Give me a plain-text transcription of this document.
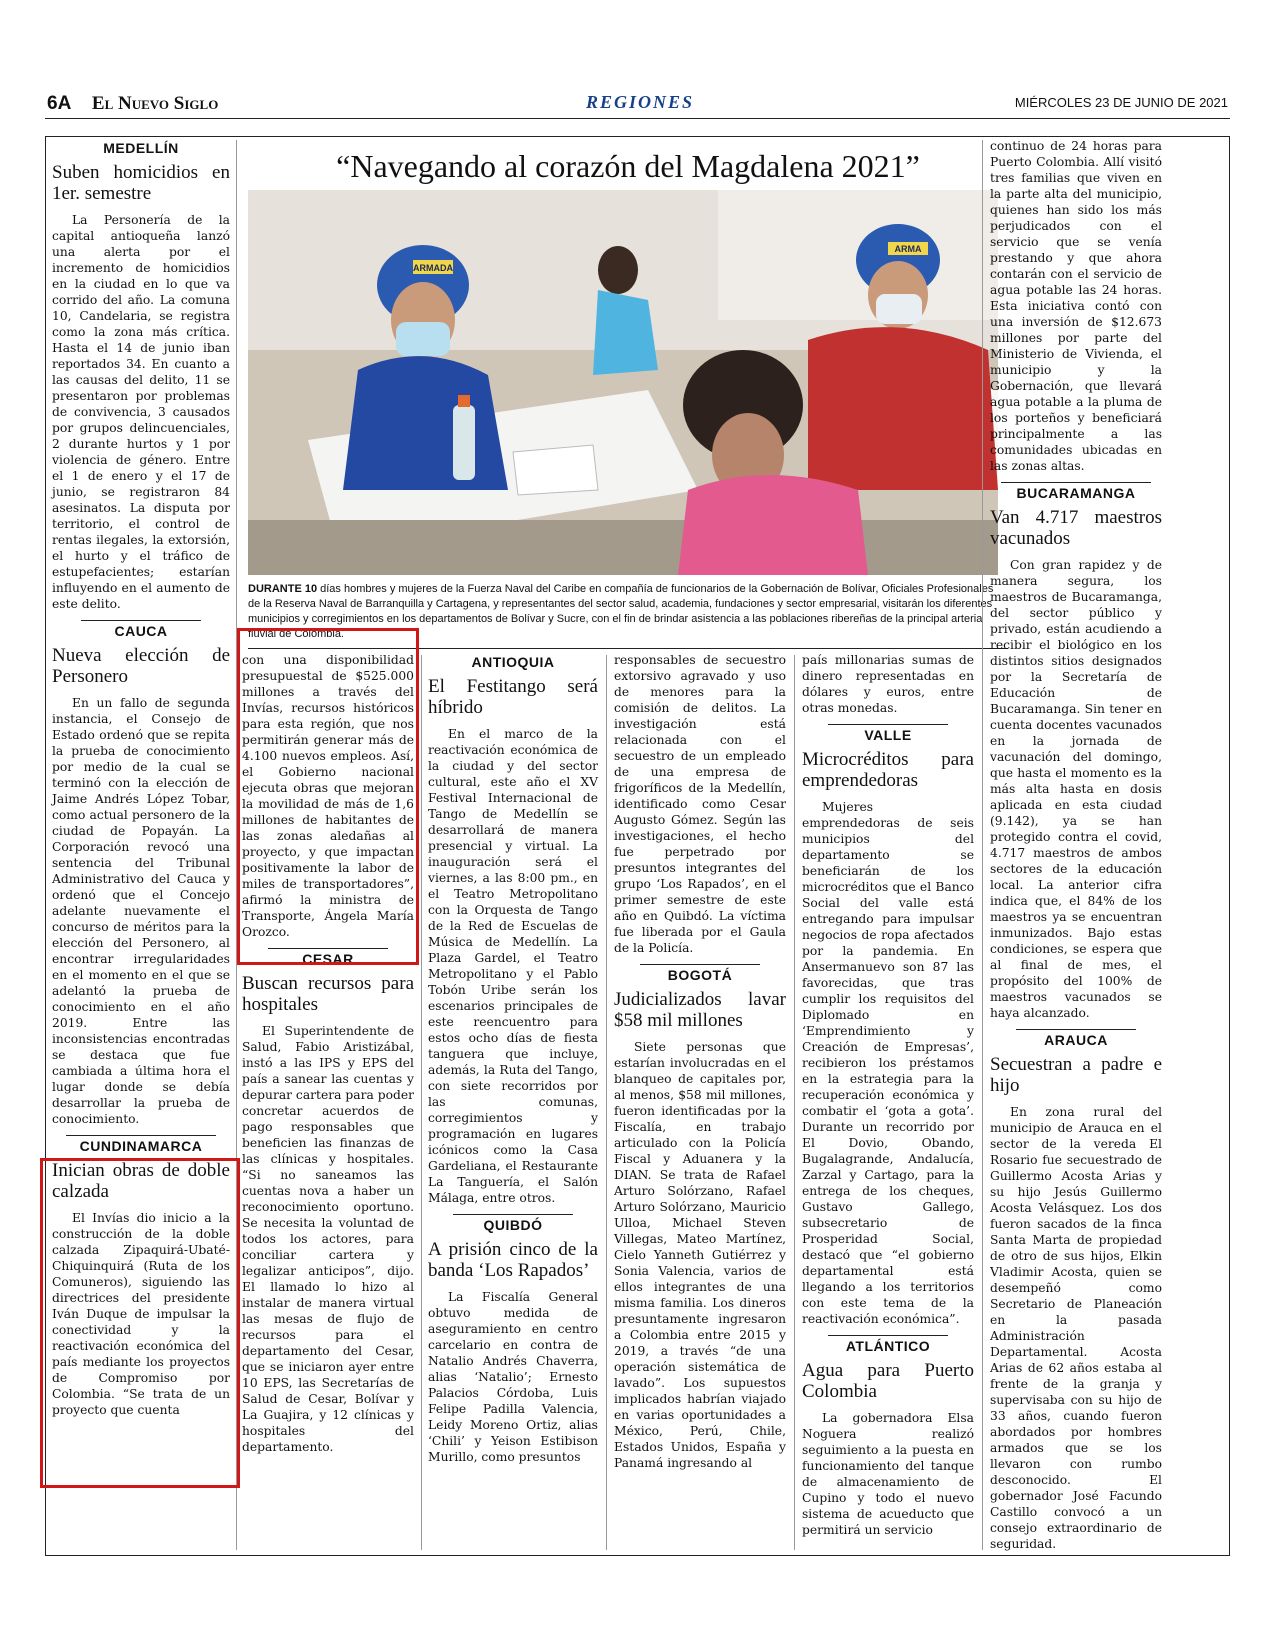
6A El Nuevo Siglo	REGIONES	MIÉRCOLES 23 DE JUNIO DE 2021
MEDELLÍN
Suben homicidios en 1er. semestre

La Personería de la capital antioqueña lanzó una alerta por el incremento de homicidios en la ciudad en lo que va corrido del año. La comuna 10, Candelaria, se registra como la zona más crítica. Hasta el 14 de junio iban reportados 34. En cuanto a las causas del delito, 11 se presentaron por problemas de convivencia, 3 causados por grupos delincuenciales, 2 durante hurtos y 1 por violencia de género. Entre el 1 de enero y el 17 de junio, se registraron 84 asesinatos. La disputa por territorio, el control de rentas ilegales, la extorsión, el hurto y el tráfico de estupefacientes; estarían influyendo en el aumento de este delito.

CAUCA
Nueva elección de Personero

En un fallo de segunda instancia, el Consejo de Estado ordenó que se repita la prueba de conocimiento por medio de la cual se terminó con la elección de Jaime Andrés López Tobar, como actual personero de la ciudad de Popayán. La Corporación revocó una sentencia del Tribunal Administrativo del Cauca y ordenó que el Concejo adelante nuevamente el concurso de méritos para la elección del Personero, al encontrar irregularidades en el momento en el que se adelantó la prueba de conocimiento en el año 2019. Entre las inconsistencias encontradas se destaca que fue cambiada a última hora el lugar donde se debía desarrollar la prueba de conocimiento.

CUNDINAMARCA
Inician obras de doble calzada

El Invías dio inicio a la construcción de la doble calzada Zipaquirá-Ubaté-Chiquinquirá (Ruta de los Comuneros), siguiendo las directrices del presidente Iván Duque de impulsar la conectividad y la reactivación económica del país mediante los proyectos de Compromiso por Colombia. “Se trata de un proyecto que cuenta

“Navegando al corazón del Magdalena 2021”
ARMADA
ARMA
DURANTE 10 días hombres y mujeres de la Fuerza Naval del Caribe en compañía de funcionarios de la Gobernación de Bolívar, Oficiales Profesionales de la Reserva Naval de Barranquilla y Cartagena, y representantes del sector salud, academia, fundaciones y sector empresarial, visitarán los diferentes municipios y corregimientos en los departamentos de Bolívar y Sucre, con el fin de brindar asistencia a las poblaciones ribereñas de la principal arteria fluvial de Colombia.

con una disponibilidad presupuestal de $525.000 millones a través del Invías, recursos históricos para esta región, que nos permitirán generar más de 4.100 nuevos empleos. Así, el Gobierno nacional ejecuta obras que mejoran la movilidad de más de 1,6 millones de habitantes de las zonas aledañas al proyecto, y que impactan positivamente la labor de miles de transportadores”, afirmó la ministra de Transporte, Ángela María Orozco.

CESAR
Buscan recursos para hospitales

El Superintendente de Salud, Fabio Aristizábal, instó a las IPS y EPS del país a sanear las cuentas y depurar cartera para poder concretar acuerdos de pago responsables que beneficien las finanzas de las clínicas y hospitales. “Si no saneamos las cuentas nova a haber un reconocimiento oportuno. Se necesita la voluntad de todos los actores, para conciliar cartera y legalizar anticipos”, dijo. El llamado lo hizo al instalar de manera virtual las mesas de flujo de recursos para el departamento del Cesar, que se iniciaron ayer entre 10 EPS, las Secretarías de Salud de Cesar, Bolívar y La Guajira, y 12 clínicas y hospitales del departamento.

ANTIOQUIA
El Festitango será híbrido

En el marco de la reactivación económica de la ciudad y del sector cultural, este año el XV Festival Internacional de Tango de Medellín se desarrollará de manera presencial y virtual. La inauguración será el viernes, a las 8:00 pm., en el Teatro Metropolitano con la Orquesta de Tango de la Red de Escuelas de Música de Medellín. La Plaza Gardel, el Teatro Metropolitano y el Pablo Tobón Uribe serán los escenarios principales de este reencuentro para estos ocho días de fiesta tanguera que incluye, además, la Ruta del Tango, con siete recorridos por las comunas, corregimientos y programación en lugares icónicos como la Casa Gardeliana, el Restaurante La Tanguería, el Salón Málaga, entre otros.

QUIBDÓ
A prisión cinco de la banda ‘Los Rapados’

La Fiscalía General obtuvo medida de aseguramiento en centro carcelario en contra de Natalio Andrés Chaverra, alias ‘Natalio’; Ernesto Palacios Córdoba, Luis Felipe Padilla Valencia, Leidy Moreno Ortiz, alias ‘Chili’ y Yeison Estibison Murillo, como presuntos

responsables de secuestro extorsivo agravado y uso de menores para la comisión de delitos. La investigación está relacionada con el secuestro de un empleado de una empresa de frigoríficos de la Medellín, identificado como Cesar Augusto Gómez. Según las investigaciones, el hecho fue perpetrado por presuntos integrantes del grupo ‘Los Rapados’, en el primer semestre de este año en Quibdó. La víctima fue liberada por el Gaula de la Policía.

BOGOTÁ
Judicializados lavar $58 mil millones

Siete personas que estarían involucradas en el blanqueo de capitales por, al menos, $58 mil millones, fueron identificadas por la Fiscalía, en trabajo articulado con la Policía Fiscal y Aduanera y la DIAN. Se trata de Rafael Arturo Solórzano, Rafael Arturo Solórzano, Mauricio Ulloa, Michael Steven Villegas, Mateo Martínez, Cielo Yanneth Gutiérrez y Sonia Valencia, varios de ellos integrantes de una misma familia. Los dineros presuntamente ingresaron a Colombia entre 2015 y 2019, a través “de una operación sistemática de lavado”. Los supuestos implicados habrían viajado en varias oportunidades a México, Perú, Chile, Estados Unidos, España y Panamá ingresando al

país millonarias sumas de dinero representadas en dólares y euros, entre otras monedas.

VALLE
Microcréditos para emprendedoras

Mujeres emprendedoras de seis municipios del departamento se beneficiarán de los microcréditos que el Banco Social del valle está entregando para impulsar negocios de ropa afectados por la pandemia. En Ansermanuevo son 87 las favorecidas, que tras cumplir los requisitos del Diplomado en ‘Emprendimiento y Creación de Empresas’, recibieron los préstamos en la estrategia para la recuperación económica y combatir el ‘gota a gota’. Durante un recorrido por El Dovio, Obando, Bugalagrande, Andalucía, Zarzal y Cartago, para la entrega de los cheques, Gustavo Gallego, subsecretario de Prosperidad Social, destacó que “el gobierno departamental está llegando a los territorios con este tema de la reactivación económica”.

ATLÁNTICO
Agua para Puerto Colombia

La gobernadora Elsa Noguera realizó seguimiento a la puesta en funcionamiento del tanque de almacenamiento de Cupino y todo el nuevo sistema de acueducto que permitirá un servicio

continuo de 24 horas para Puerto Colombia. Allí visitó tres familias que viven en la parte alta del municipio, quienes han sido los más perjudicados con el servicio que se venía prestando y que ahora contarán con el servicio de agua potable las 24 horas. Esta iniciativa contó con una inversión de $12.673 millones por parte del Ministerio de Vivienda, el municipio y la Gobernación, que llevará agua potable a la pluma de los porteños y beneficiará principalmente a las comunidades ubicadas en las zonas altas.

BUCARAMANGA
Van 4.717 maestros vacunados

Con gran rapidez y de manera segura, los maestros de Bucaramanga, del sector público y privado, están acudiendo a recibir el biológico en los distintos sitios designados por la Secretaría de Educación de Bucaramanga. Sin tener en cuenta docentes vacunados en la jornada de vacunación del domingo, que hasta el momento es la más alta hasta en dosis aplicada en esta ciudad (9.142), ya se han protegido contra el covid, 4.717 maestros de ambos sectores de la educación local. La anterior cifra indica que, el 84% de los maestros ya se encuentran inmunizados. Bajo estas condiciones, se espera que al final de mes, el propósito del 100% de maestros vacunados se haya alcanzado.

ARAUCA
Secuestran a padre e hijo

En zona rural del municipio de Arauca en el sector de la vereda El Rosario fue secuestrado de Guillermo Acosta Arias y su hijo Jesús Guillermo Acosta Velásquez. Los dos fueron sacados de la finca Santa Marta de propiedad de otro de sus hijos, Elkin Vladimir Acosta, quien se desempeñó como Secretario de Planeación en la pasada Administración Departamental. Acosta Arias de 62 años estaba al frente de la granja y supervisaba con su hijo de 33 años, cuando fueron abordados por hombres armados que se los llevaron con rumbo desconocido. El gobernador José Facundo Castillo convocó a un consejo extraordinario de seguridad.
